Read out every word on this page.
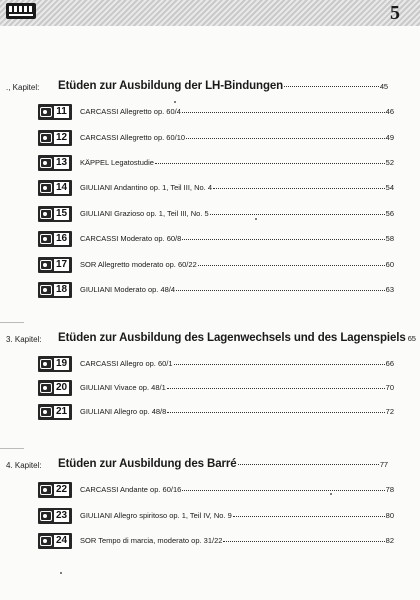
5
., Kapitel: Etüden zur Ausbildung der LH-Bindungen	45
11	CARCASSI Allegretto op. 60/4	46
12	CARCASSI Allegretto op. 60/10	49
13	KÄPPEL Legatostudie	52
14	GIULIANI Andantino op. 1, Teil III, No. 4	54
15	GIULIANI Grazioso op. 1, Teil III, No. 5	56
16	CARCASSI Moderato op. 60/8	58
17	SOR Allegretto moderato op. 60/22	60
18	GIULIANI Moderato op. 48/4	63
3. Kapitel: Etüden zur Ausbildung des Lagenwechsels und des Lagenspiels 65
19	CARCASSI Allegro op. 60/1	66
20	GIULIANI Vivace op. 48/1	70
21	GIULIANI Allegro op. 48/8	72
4. Kapitel: Etüden zur Ausbildung des Barré	77
22	CARCASSI Andante op. 60/16	78
23	GIULIANI Allegro spiritoso op. 1, Teil IV, No. 9	80
24	SOR Tempo di marcia, moderato op. 31/22	82
